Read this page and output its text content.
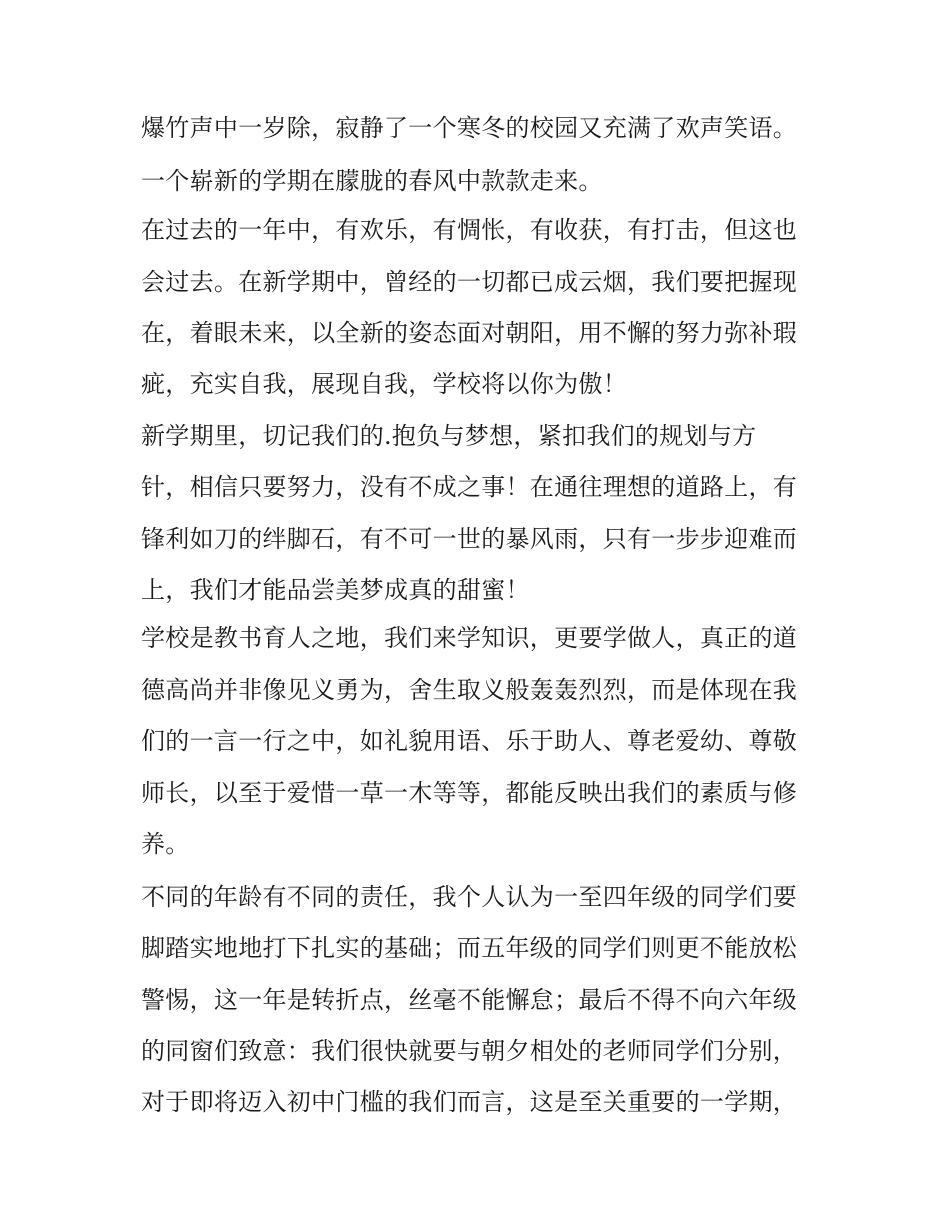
爆竹声中一岁除，寂静了一个寒冬的校园又充满了欢声笑语。
一个崭新的学期在朦胧的春风中款款走来。
在过去的一年中，有欢乐，有惆怅，有收获，有打击，但这也
会过去。在新学期中，曾经的一切都已成云烟，我们要把握现
在，着眼未来，以全新的姿态面对朝阳，用不懈的努力弥补瑕
疵，充实自我，展现自我，学校将以你为傲！
新学期里，切记我们的.抱负与梦想，紧扣我们的规划与方
针，相信只要努力，没有不成之事！在通往理想的道路上，有
锋利如刀的绊脚石，有不可一世的暴风雨，只有一步步迎难而
上，我们才能品尝美梦成真的甜蜜！
学校是教书育人之地，我们来学知识，更要学做人，真正的道
德高尚并非像见义勇为，舍生取义般轰轰烈烈，而是体现在我
们的一言一行之中，如礼貌用语、乐于助人、尊老爱幼、尊敬
师长，以至于爱惜一草一木等等，都能反映出我们的素质与修
养。
不同的年龄有不同的责任，我个人认为一至四年级的同学们要
脚踏实地地打下扎实的基础；而五年级的同学们则更不能放松
警惕，这一年是转折点，丝毫不能懈怠；最后不得不向六年级
的同窗们致意：我们很快就要与朝夕相处的老师同学们分别，
对于即将迈入初中门槛的我们而言，这是至关重要的一学期，
